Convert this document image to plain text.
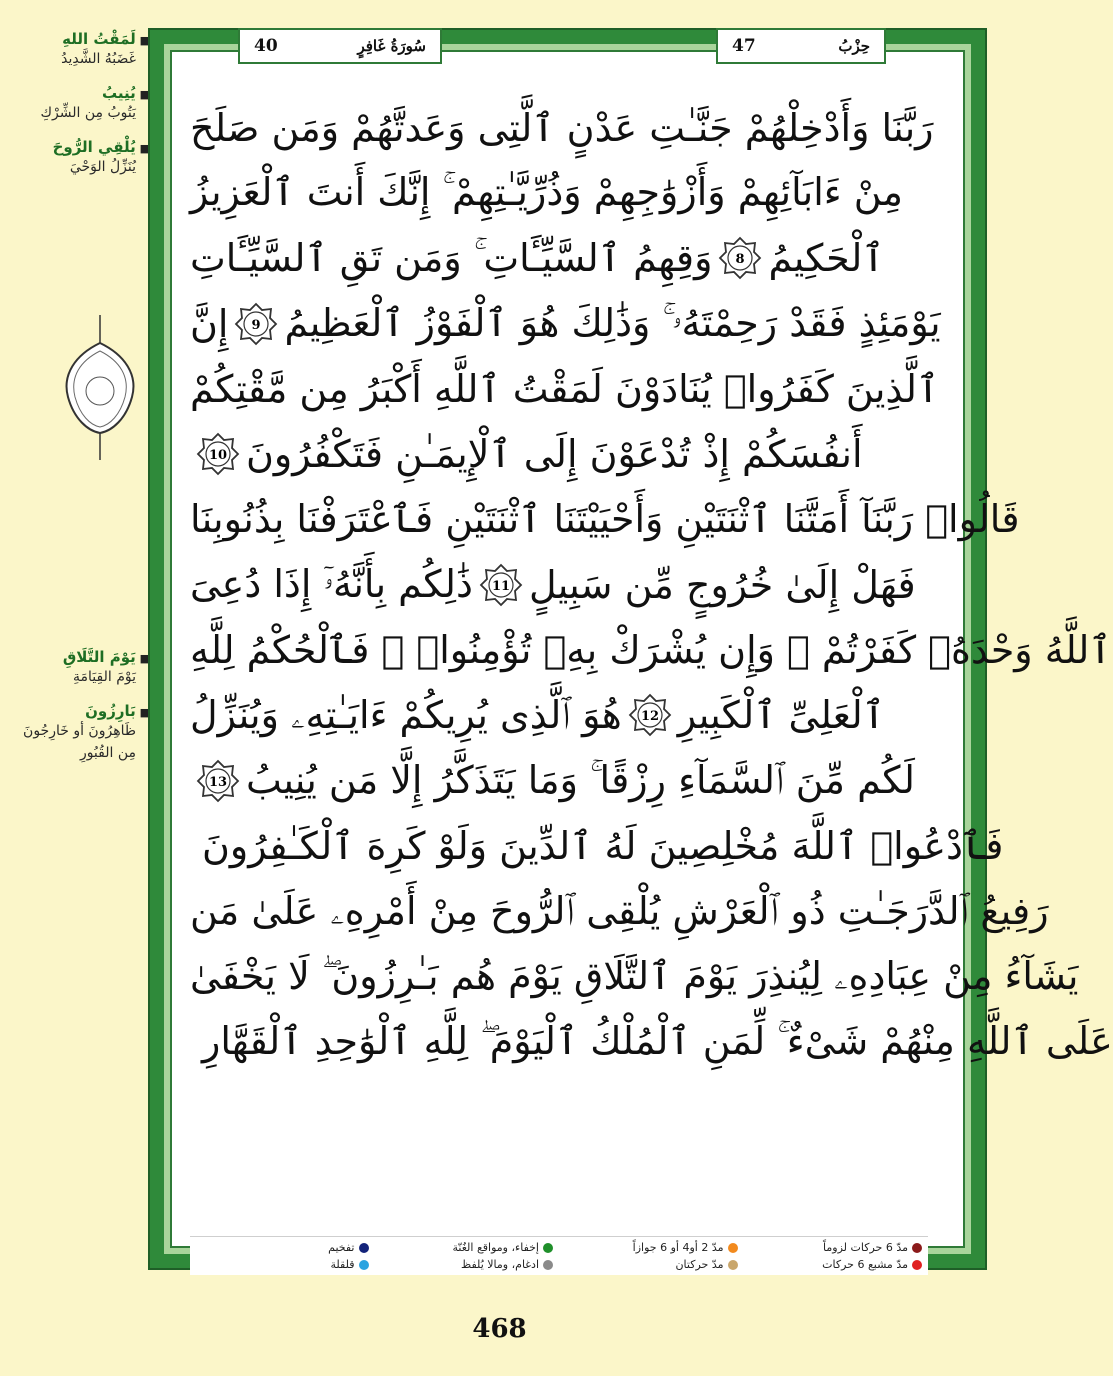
■ لَمَقْتُ اللهِ
غَضَبُهُ الشَّدِيدُ
■ يُنِيبُ
يَتُوبُ مِن الشِّرْكِ
■ يُلْقِي الرُّوحَ
يُنَزِّلُ الوَحْيَ
■ يَوْمَ التَّلَاقِ
يَوْمَ القِيَامَةِ
■ بَارِزُونَ
ظَاهِرُونَ أو خَارِجُونَ مِن القُبُورِ
40	سُورَةُ غَافِرٍ	47	حِزْبُ
رَبَّنَا وَأَدْخِلْهُمْ جَنَّـٰتِ عَدْنٍ ٱلَّتِى وَعَدتَّهُمْ وَمَن صَلَحَ
مِنْ ءَابَآئِهِمْ وَأَزْوَٰجِهِمْ وَذُرِّيَّـٰتِهِمْ ۚ إِنَّكَ أَنتَ ٱلْعَزِيزُ
ٱلْحَكِيمُ
8
وَقِهِمُ ٱلسَّيِّـَٔاتِ ۚ وَمَن تَقِ ٱلسَّيِّـَٔاتِ
يَوْمَئِذٍ فَقَدْ رَحِمْتَهُۥ ۚ وَذَٰلِكَ هُوَ ٱلْفَوْزُ ٱلْعَظِيمُ
9
إِنَّ
ٱلَّذِينَ كَفَرُوا۟ يُنَادَوْنَ لَمَقْتُ ٱللَّهِ أَكْبَرُ مِن مَّقْتِكُمْ
أَنفُسَكُمْ إِذْ تُدْعَوْنَ إِلَى ٱلْإِيمَـٰنِ فَتَكْفُرُونَ
10
قَالُوا۟ رَبَّنَآ أَمَتَّنَا ٱثْنَتَيْنِ وَأَحْيَيْتَنَا ٱثْنَتَيْنِ فَٱعْتَرَفْنَا بِذُنُوبِنَا
فَهَلْ إِلَىٰ خُرُوجٍ مِّن سَبِيلٍ
11
ذَٰلِكُم بِأَنَّهُۥٓ إِذَا دُعِىَ
ٱللَّهُ وَحْدَهُۥ كَفَرْتُمْ ۖ وَإِن يُشْرَكْ بِهِۦ تُؤْمِنُوا۟ ۚ فَٱلْحُكْمُ لِلَّهِ
ٱلْعَلِىِّ ٱلْكَبِيرِ
12
هُوَ ٱلَّذِى يُرِيكُمْ ءَايَـٰتِهِۦ وَيُنَزِّلُ
لَكُم مِّنَ ٱلسَّمَآءِ رِزْقًا ۚ وَمَا يَتَذَكَّرُ إِلَّا مَن يُنِيبُ
13
فَٱدْعُوا۟ ٱللَّهَ مُخْلِصِينَ لَهُ ٱلدِّينَ وَلَوْ كَرِهَ ٱلْكَـٰفِرُونَ
رَفِيعُ ٱلدَّرَجَـٰتِ ذُو ٱلْعَرْشِ يُلْقِى ٱلرُّوحَ مِنْ أَمْرِهِۦ عَلَىٰ مَن
يَشَآءُ مِنْ عِبَادِهِۦ لِيُنذِرَ يَوْمَ ٱلتَّلَاقِ
يَوْمَ هُم بَـٰرِزُونَ ۖ لَا يَخْفَىٰ
عَلَى ٱللَّهِ مِنْهُمْ شَىْءٌ ۚ لِّمَنِ ٱلْمُلْكُ ٱلْيَوْمَ ۖ لِلَّهِ ٱلْوَٰحِدِ ٱلْقَهَّارِ
مدّ 6 حركات لزوماً
مدّ مشبع 6 حركات
مدّ 2 أو4 أو 6 جوازاً
مدّ حركتان
إخفاء، ومواقع الغُنّة
ادغام، ومالا يُلفظ
تفخيم
قلقلة
468
